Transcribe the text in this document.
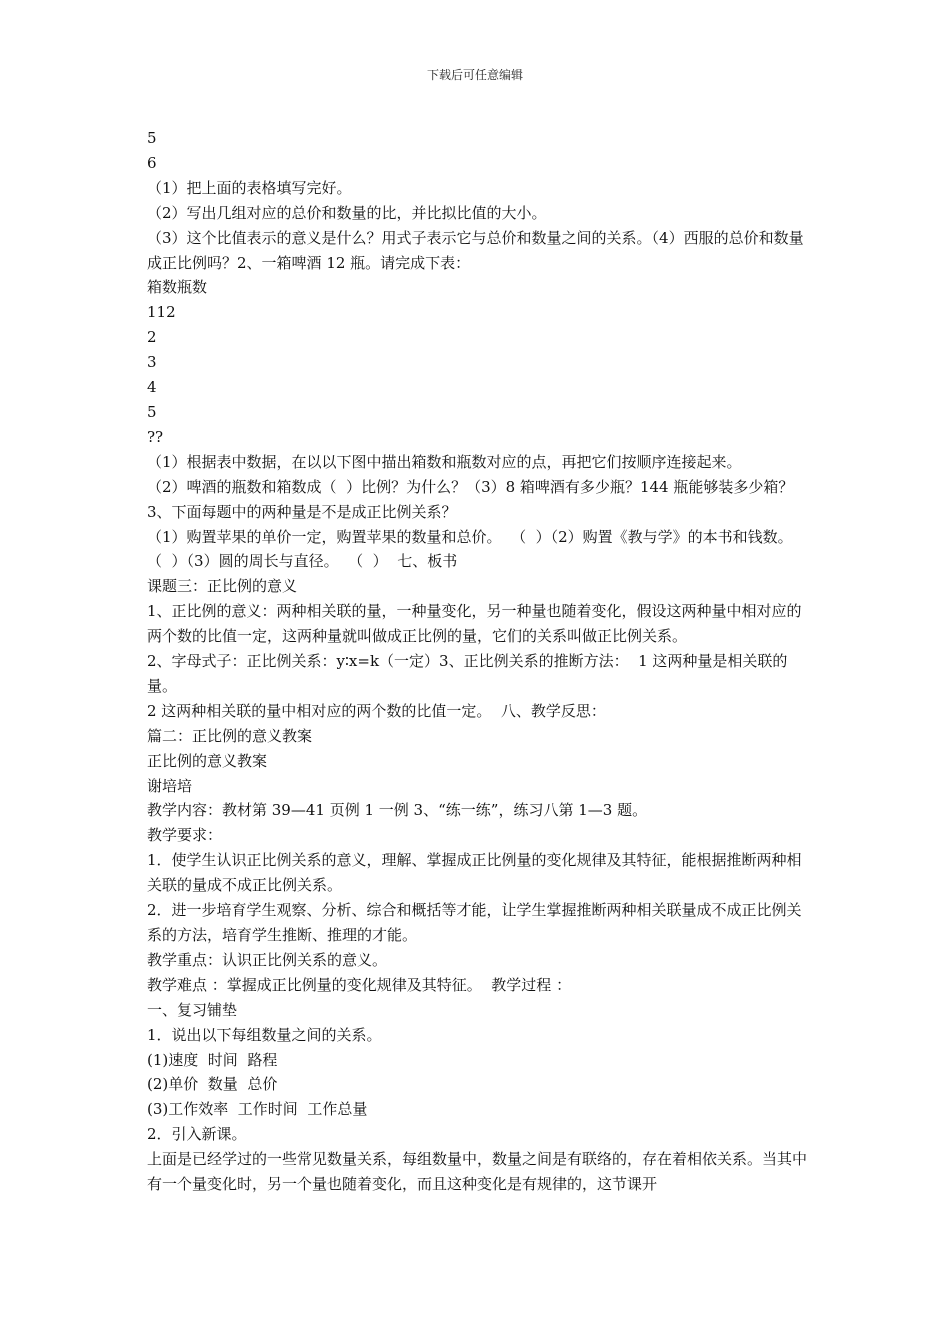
下载后可任意编辑
5
6
（1）把上面的表格填写完好。
（2）写出几组对应的总价和数量的比，并比拟比值的大小。
（3）这个比值表示的意义是什么？用式子表示它与总价和数量之间的关系。（4）西服的总价和数量成正比例吗？2、一箱啤酒 12 瓶。请完成下表：
箱数瓶数
112
2
3
4
5
??
（1）根据表中数据，在以以下图中描出箱数和瓶数对应的点，再把它们按顺序连接起来。
（2）啤酒的瓶数和箱数成（  ）比例？为什么？（3）8 箱啤酒有多少瓶？144 瓶能够装多少箱？3、下面每题中的两种量是不是成正比例关系？
（1）购置苹果的单价一定，购置苹果的数量和总价。  （  ）（2）购置《教与学》的本书和钱数。  （  ）（3）圆的周长与直径。  （  ）  七、板书
课题三：正比例的意义
1、正比例的意义：两种相关联的量，一种量变化，另一种量也随着变化，假设这两种量中相对应的两个数的比值一定，这两种量就叫做成正比例的量，它们的关系叫做正比例关系。
2、字母式子：正比例关系：y∶x=k（一定）3、正比例关系的推断方法：  1 这两种量是相关联的量。
2 这两种相关联的量中相对应的两个数的比值一定。  八、教学反思：
篇二：正比例的意义教案
正比例的意义教案
谢培培
教学内容：教材第 39—41 页例 1 一例 3、“练一练”，练习八第 1—3 题。
教学要求：
1．使学生认识正比例关系的意义，理解、掌握成正比例量的变化规律及其特征，能根据推断两种相关联的量成不成正比例关系。
2．进一步培育学生观察、分析、综合和概括等才能，让学生掌握推断两种相关联量成不成正比例关系的方法，培育学生推断、推理的才能。
教学重点：认识正比例关系的意义。
教学难点 ：掌握成正比例量的变化规律及其特征。  教学过程 ：
一、复习铺垫
1．说出以下每组数量之间的关系。
(1)速度  时间  路程
(2)单价  数量  总价
(3)工作效率  工作时间  工作总量
2．引入新课。
上面是已经学过的一些常见数量关系，每组数量中，数量之间是有联络的，存在着相依关系。当其中有一个量变化时，另一个量也随着变化，而且这种变化是有规律的，这节课开
